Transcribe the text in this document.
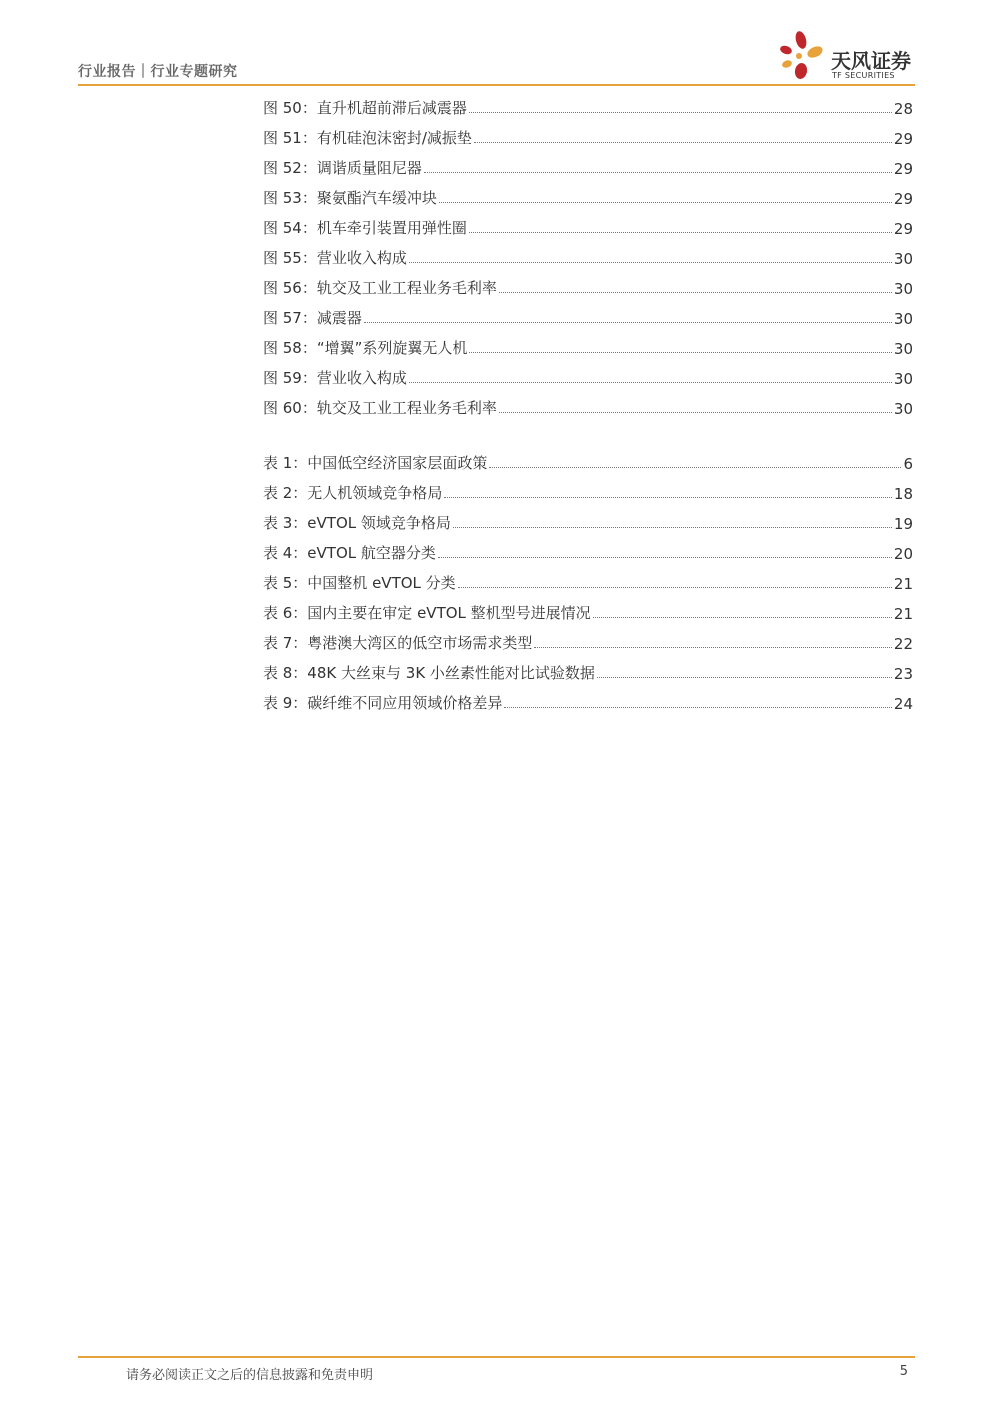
行业报告｜行业专题研究	天风证券
TF SECURITIES
图 50：直升机超前滞后减震器	28
图 51：有机硅泡沫密封/减振垫	29
图 52：调谐质量阻尼器	29
图 53：聚氨酯汽车缓冲块	29
图 54：机车牵引装置用弹性圈	29
图 55：营业收入构成	30
图 56：轨交及工业工程业务毛利率	30
图 57：减震器	30
图 58：“增翼”系列旋翼无人机	30
图 59：营业收入构成	30
图 60：轨交及工业工程业务毛利率	30
表 1：中国低空经济国家层面政策	6
表 2：无人机领域竞争格局	18
表 3：eVTOL 领域竞争格局	19
表 4：eVTOL 航空器分类	20
表 5：中国整机 eVTOL 分类	21
表 6：国内主要在审定 eVTOL 整机型号进展情况	21
表 7：粤港澳大湾区的低空市场需求类型	22
表 8：48K 大丝束与 3K 小丝素性能对比试验数据	23
表 9：碳纤维不同应用领域价格差异	24
请务必阅读正文之后的信息披露和免责申明	5
